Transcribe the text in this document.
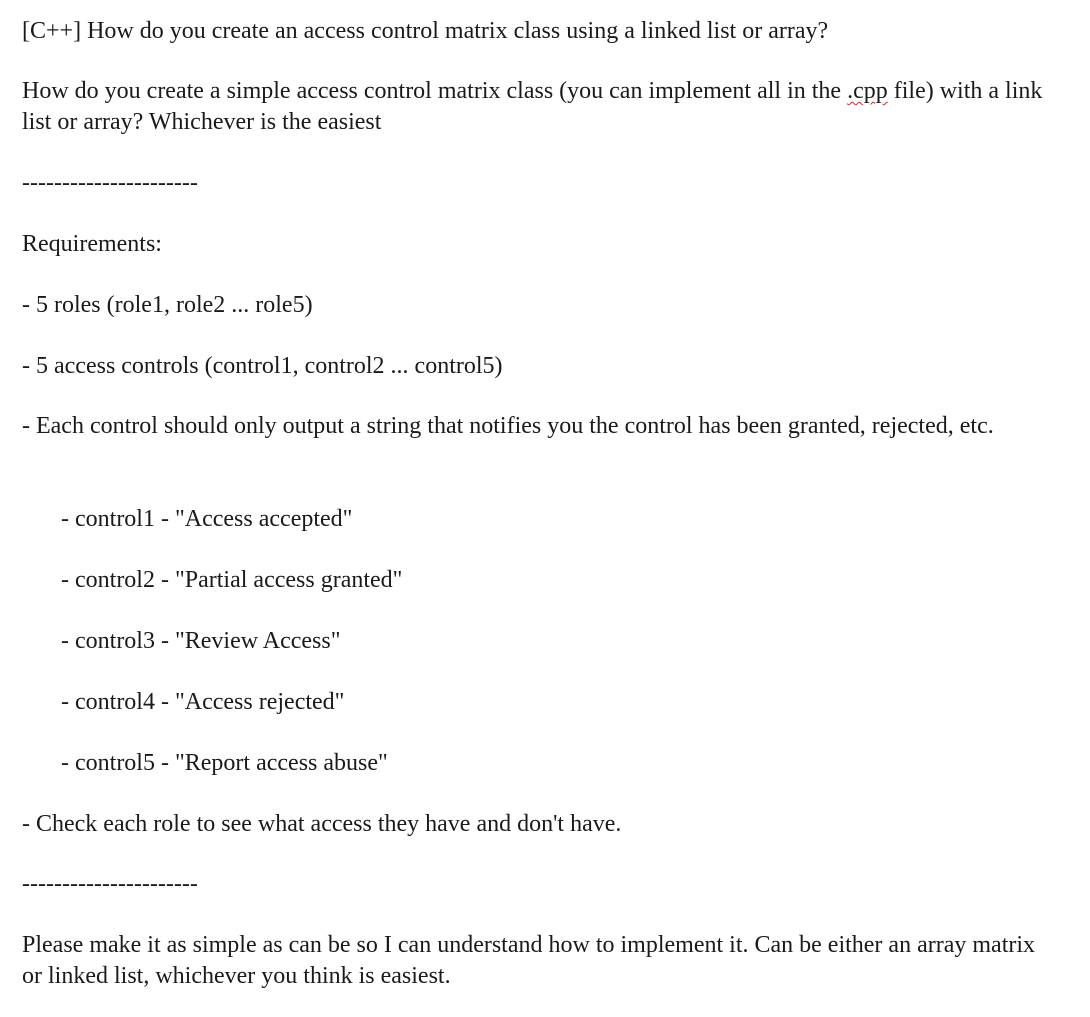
[C++] How do you create an access control matrix class using a linked list or array?
How do you create a simple access control matrix class (you can implement all in the .cpp file) with a link list or array? Whichever is the easiest
----------------------
Requirements:
- 5 roles (role1, role2 ... role5)
- 5 access controls (control1, control2 ... control5)
- Each control should only output a string that notifies you the control has been granted, rejected, etc.
- control1 - "Access accepted"
- control2 - "Partial access granted"
- control3 - "Review Access"
- control4 - "Access rejected"
- control5 - "Report access abuse"
- Check each role to see what access they have and don't have.
----------------------
Please make it as simple as can be so I can understand how to implement it. Can be either an array matrix or linked list, whichever you think is easiest.
